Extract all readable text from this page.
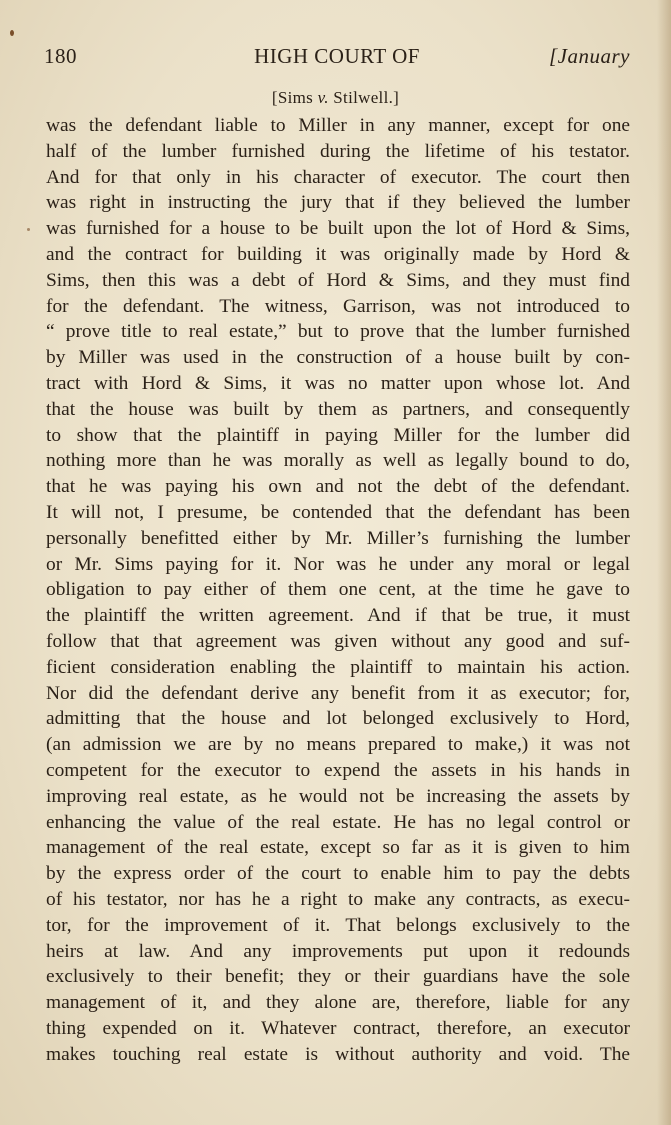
180	HIGH COURT OF	[January
[Sims v. Stilwell.]
was the defendant liable to Miller in any manner, except for one
half of the lumber furnished during the lifetime of his testator.
And for that only in his character of executor. The court then
was right in instructing the jury that if they believed the lumber
was furnished for a house to be built upon the lot of Hord & Sims,
and the contract for building it was originally made by Hord &
Sims, then this was a debt of Hord & Sims, and they must find
for the defendant. The witness, Garrison, was not introduced to
“ prove title to real estate,” but to prove that the lumber furnished
by Miller was used in the construction of a house built by con-
tract with Hord & Sims, it was no matter upon whose lot. And
that the house was built by them as partners, and consequently
to show that the plaintiff in paying Miller for the lumber did
nothing more than he was morally as well as legally bound to do,
that he was paying his own and not the debt of the defendant.
It will not, I presume, be contended that the defendant has been
personally benefitted either by Mr. Miller’s furnishing the lumber
or Mr. Sims paying for it. Nor was he under any moral or legal
obligation to pay either of them one cent, at the time he gave to
the plaintiff the written agreement. And if that be true, it must
follow that that agreement was given without any good and suf-
ficient consideration enabling the plaintiff to maintain his action.
Nor did the defendant derive any benefit from it as executor; for,
admitting that the house and lot belonged exclusively to Hord,
(an admission we are by no means prepared to make,) it was not
competent for the executor to expend the assets in his hands in
improving real estate, as he would not be increasing the assets by
enhancing the value of the real estate. He has no legal control or
management of the real estate, except so far as it is given to him
by the express order of the court to enable him to pay the debts
of his testator, nor has he a right to make any contracts, as execu-
tor, for the improvement of it. That belongs exclusively to the
heirs at law. And any improvements put upon it redounds
exclusively to their benefit; they or their guardians have the sole
management of it, and they alone are, therefore, liable for any
thing expended on it. Whatever contract, therefore, an executor
makes touching real estate is without authority and void. The
